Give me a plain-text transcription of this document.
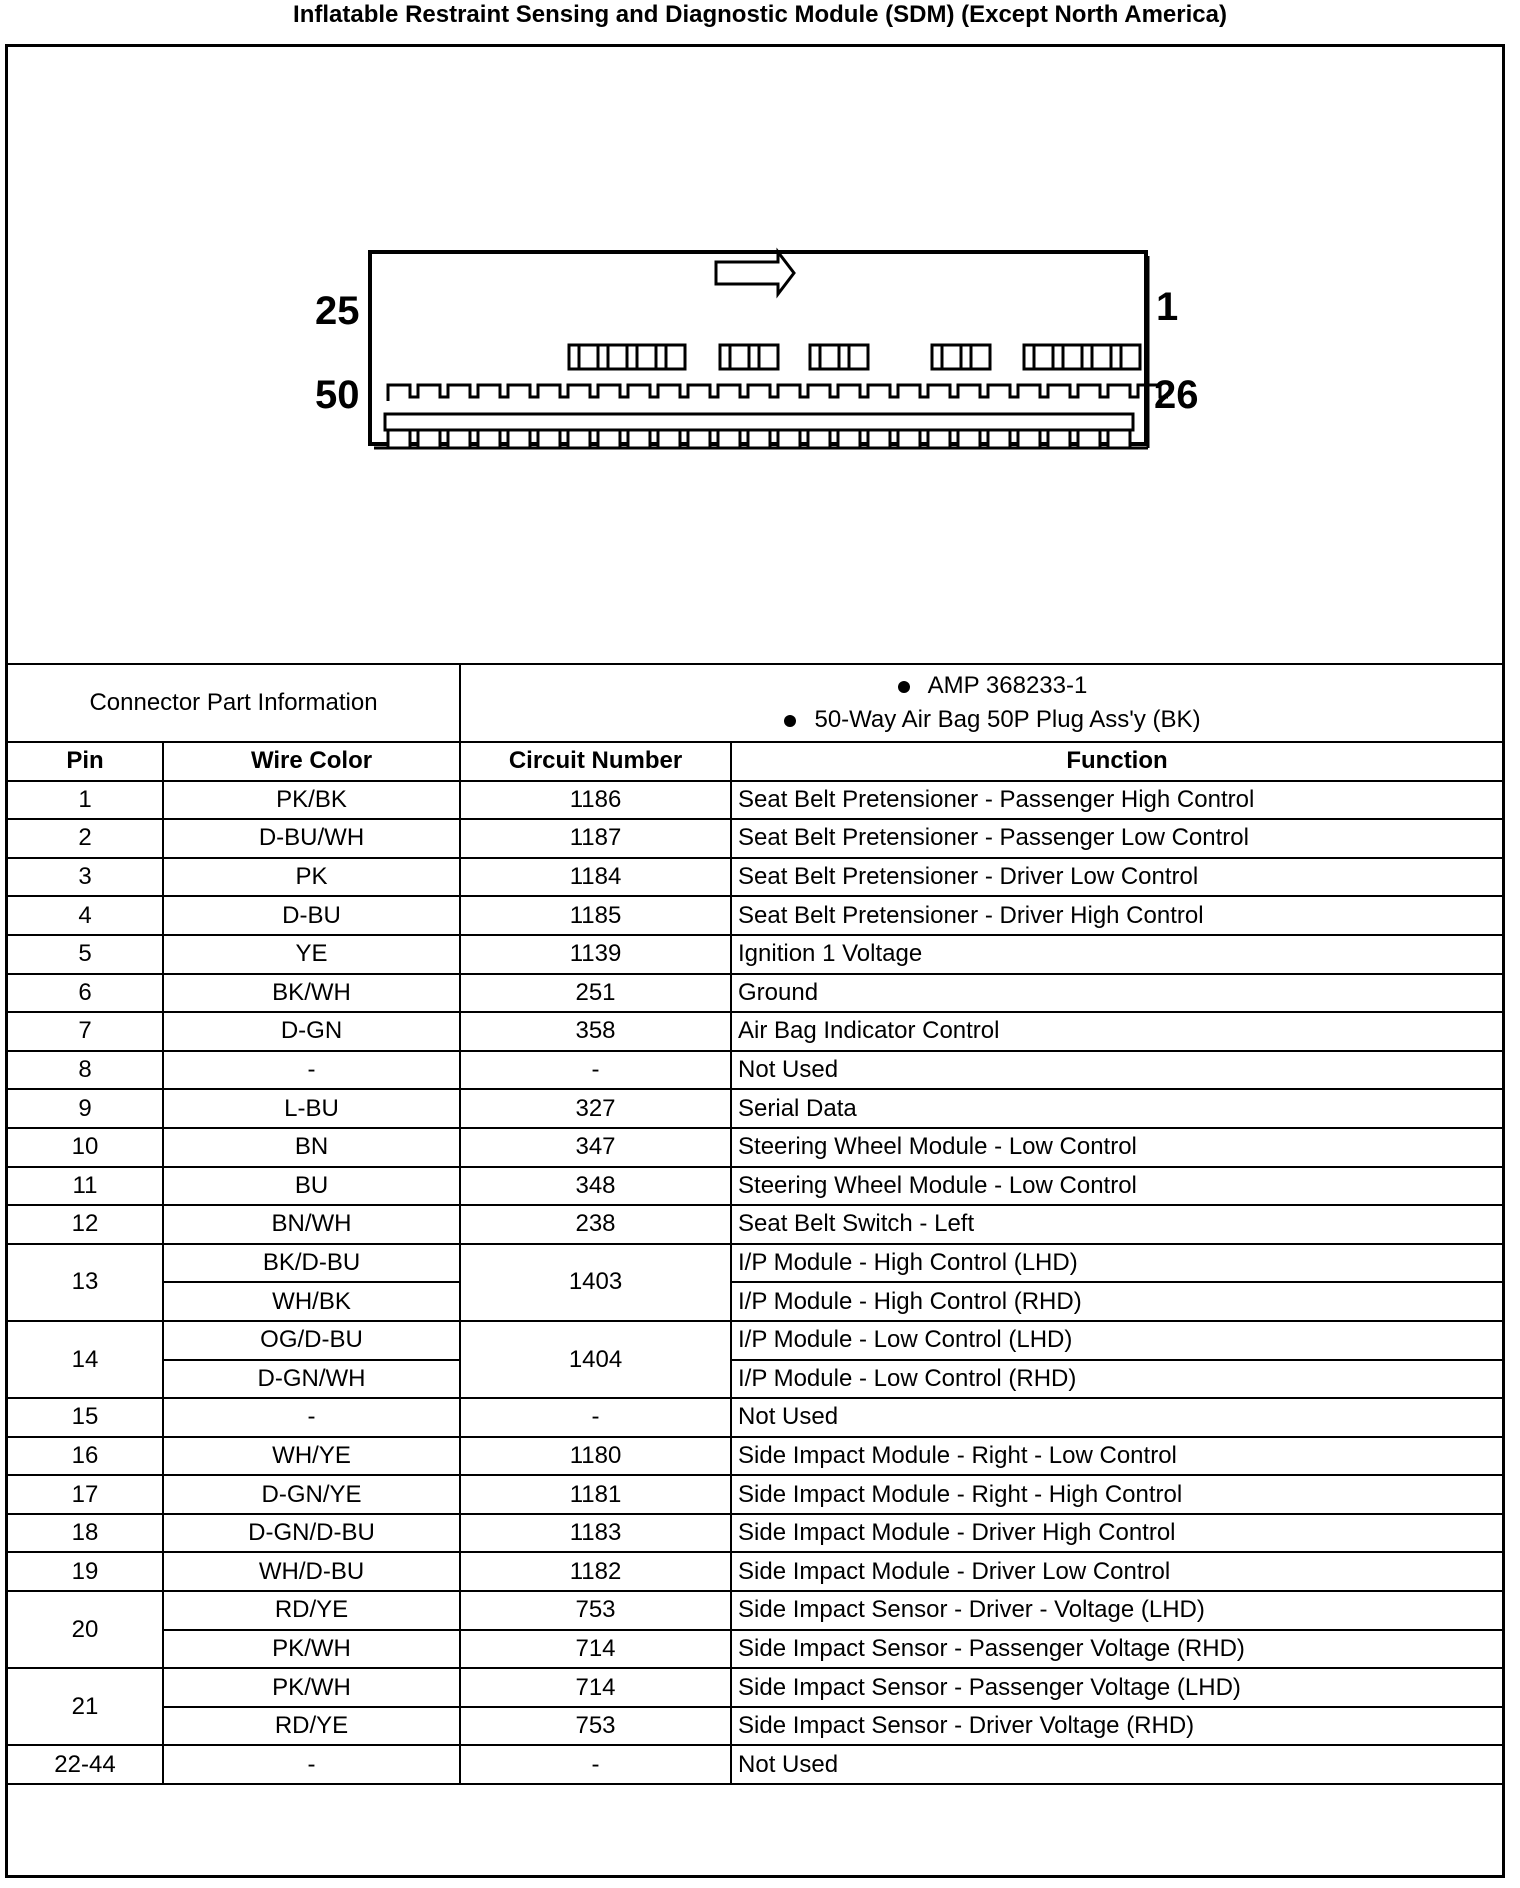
Inflatable Restraint Sensing and Diagnostic Module (SDM) (Except North America)
25	1
50	26
Connector Part Information		AMP 368233-1
50-Way Air Bag 50P Plug Ass'y (BK)	

Pin	Wire Color	Circuit Number	Function
1	PK/BK	1186	Seat Belt Pretensioner - Passenger High Control
2	D-BU/WH	1187	Seat Belt Pretensioner - Passenger Low Control
3	PK	1184	Seat Belt Pretensioner - Driver Low Control
4	D-BU	1185	Seat Belt Pretensioner - Driver High Control
5	YE	1139	Ignition 1 Voltage
6	BK/WH	251	Ground
7	D-GN	358	Air Bag Indicator Control
8	-	-	Not Used
9	L-BU	327	Serial Data
10	BN	347	Steering Wheel Module - Low Control
11	BU	348	Steering Wheel Module - Low Control
12	BN/WH	238	Seat Belt Switch - Left
13	BK/D-BU	1403	I/P Module - High Control (LHD)
	WH/BK		I/P Module - High Control (RHD)
14	OG/D-BU	1404	I/P Module - Low Control (LHD)
	D-GN/WH		I/P Module - Low Control (RHD)
15	-	-	Not Used
16	WH/YE	1180	Side Impact Module - Right - Low Control
17	D-GN/YE	1181	Side Impact Module - Right - High Control
18	D-GN/D-BU	1183	Side Impact Module - Driver High Control
19	WH/D-BU	1182	Side Impact Module - Driver Low Control
20	RD/YE	753	Side Impact Sensor - Driver - Voltage (LHD)
	PK/WH	714	Side Impact Sensor - Passenger Voltage (RHD)
21	PK/WH	714	Side Impact Sensor - Passenger Voltage (LHD)
	RD/YE	753	Side Impact Sensor - Driver Voltage (RHD)
22-44	-	-	Not Used
